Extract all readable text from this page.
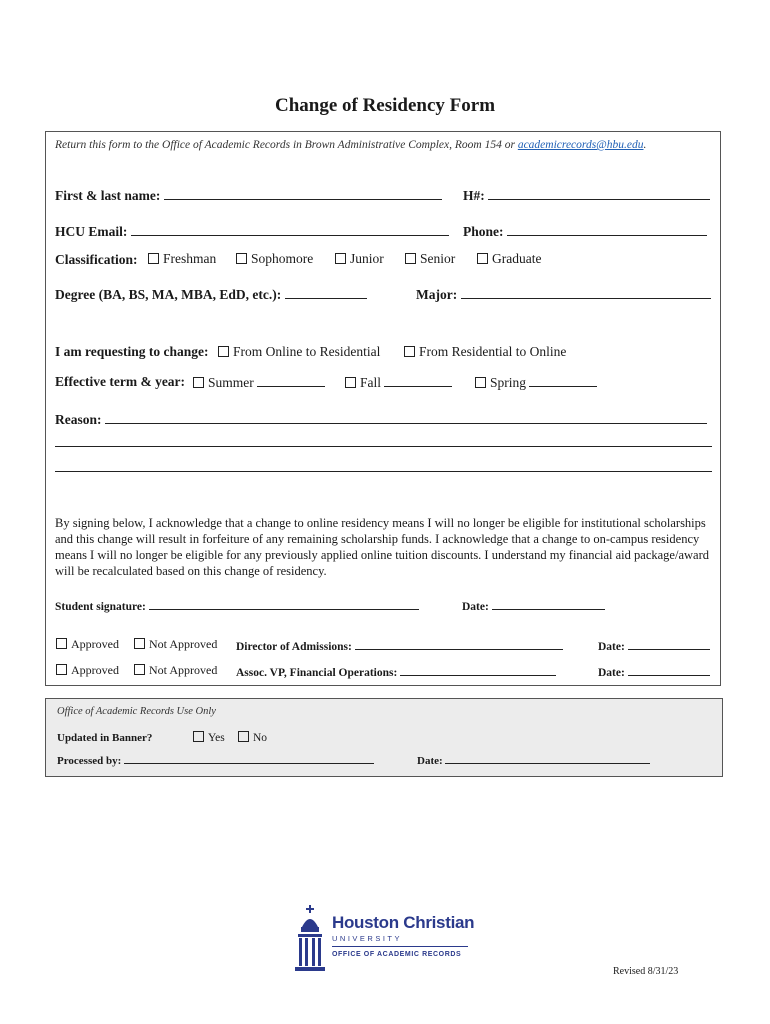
Change of Residency Form
Return this form to the Office of Academic Records in Brown Administrative Complex, Room 154 or academicrecords@hbu.edu.
First & last name:	H#:
HCU Email:	Phone:
Classification:	Freshman	Sophomore	Junior	Senior	Graduate
Degree (BA, BS, MA, MBA, EdD, etc.):	Major:
I am requesting to change:	From Online to Residential	From Residential to Online
Effective term & year:	Summer	Fall	Spring
Reason:
By signing below, I acknowledge that a change to online residency means I will no longer be eligible for institutional scholarships and this change will result in forfeiture of any remaining scholarship funds. I acknowledge that a change to on-campus residency means I will no longer be eligible for any previously applied online tuition discounts. I understand my financial aid package/award will be recalculated based on this change of residency.
Student signature:	Date:
Approved	Not Approved Director of Admissions:	Date:
Approved	Not Approved Assoc. VP, Financial Operations:	Date:
Office of Academic Records Use Only
Updated in Banner?	Yes	No
Processed by:	Date:
Houston Christian
UNIVERSITY
OFFICE OF ACADEMIC RECORDS
Revised 8/31/23
